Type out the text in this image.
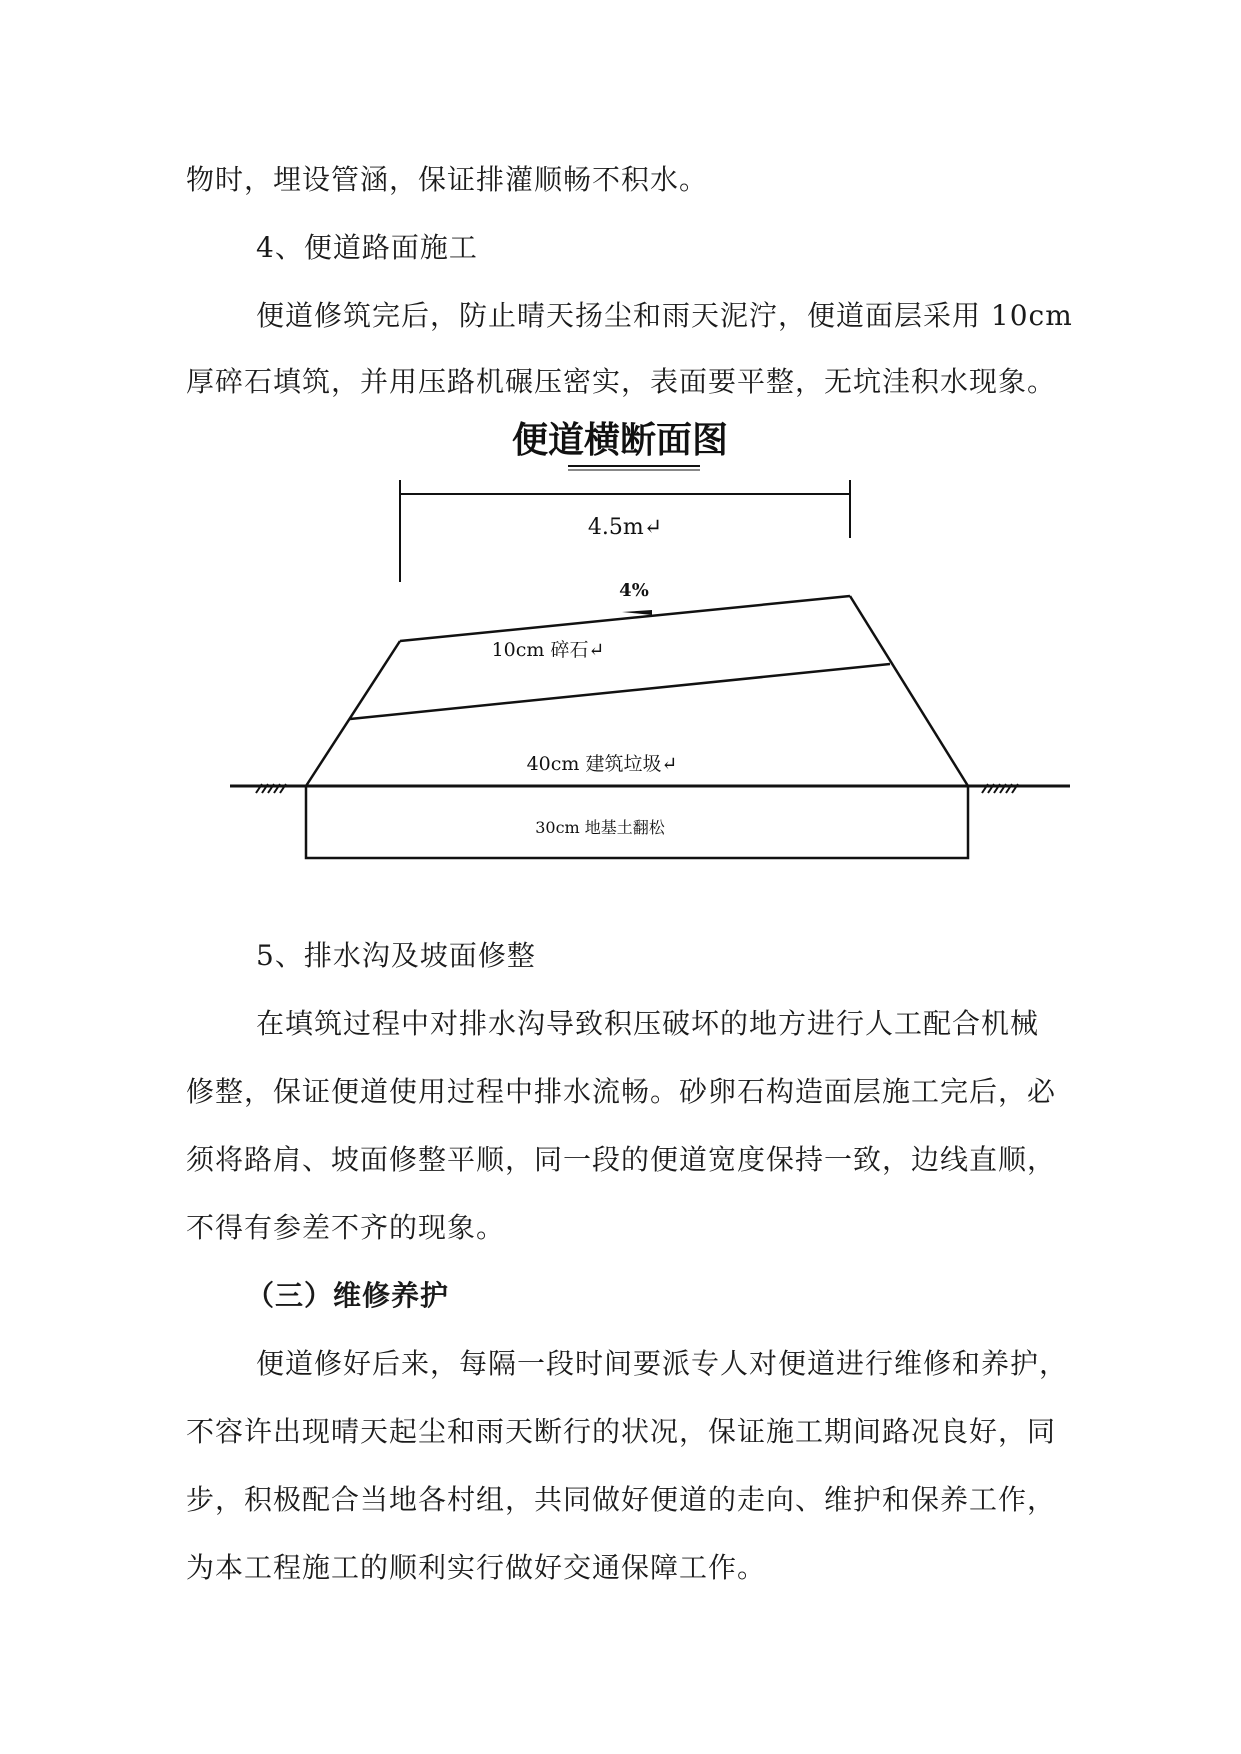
物时，埋设管涵，保证排灌顺畅不积水。
4、便道路面施工
便道修筑完后，防止晴天扬尘和雨天泥泞，便道面层采用 10cm
厚碎石填筑，并用压路机碾压密实，表面要平整，无坑洼积水现象。
便道横断面图
4.5m↵
4%
10cm 碎石↵
40cm 建筑垃圾↵
30cm 地基土翻松
5、排水沟及坡面修整
在填筑过程中对排水沟导致积压破坏的地方进行人工配合机械
修整，保证便道使用过程中排水流畅。砂卵石构造面层施工完后，必
须将路肩、坡面修整平顺，同一段的便道宽度保持一致，边线直顺，
不得有参差不齐的现象。
（三）维修养护
便道修好后来，每隔一段时间要派专人对便道进行维修和养护，
不容许出现晴天起尘和雨天断行的状况，保证施工期间路况良好，同
步，积极配合当地各村组，共同做好便道的走向、维护和保养工作，
为本工程施工的顺利实行做好交通保障工作。
